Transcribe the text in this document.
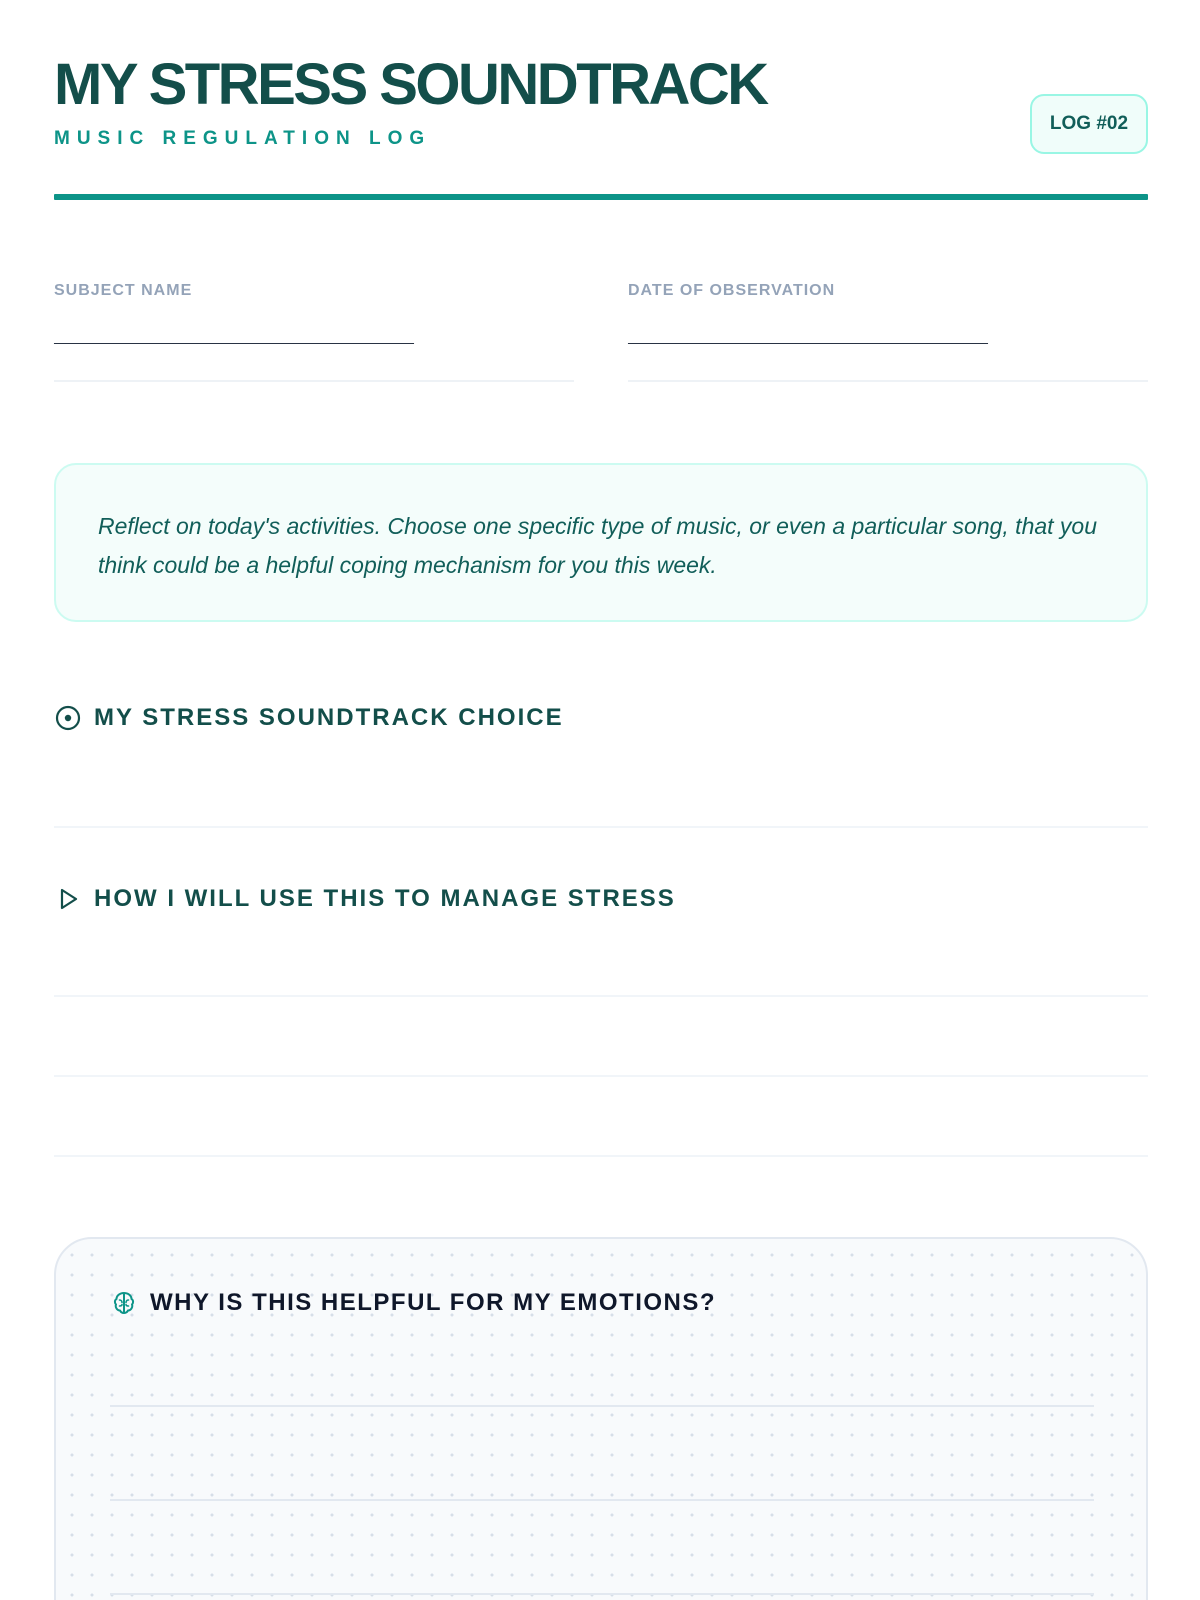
MY STRESS SOUNDTRACK
MUSIC REGULATION LOG
LOG #02
SUBJECT NAME
______________________________
DATE OF OBSERVATION
______________________________

Reflect on today's activities. Choose one specific type of music, or even a particular song, that you think could be a helpful coping mechanism for you this week.

MY STRESS SOUNDTRACK CHOICE
HOW I WILL USE THIS TO MANAGE STRESS
WHY IS THIS HELPFUL FOR MY EMOTIONS?
